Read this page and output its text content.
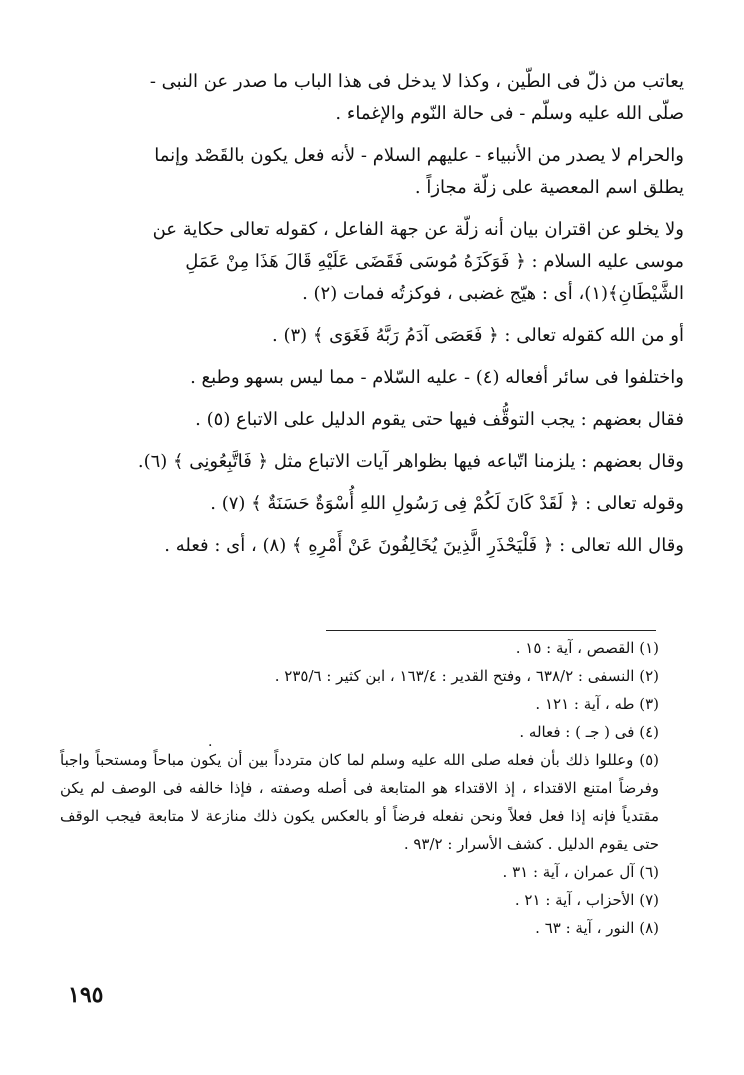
يعاتب من ذلّ فى الطّين ، وكذا لا يدخل فى هذا الباب ما صدر عن النبى -
صلّى الله عليه وسلّم - فى حالة النّوم والإغماء .

والحرام لا يصدر من الأنبياء - عليهم السلام - لأنه فعل يكون بالقَصْد وإنما
يطلق اسم المعصية على زلّة مجازاً .

ولا يخلو عن اقتران بيان أنه زلّة عن جهة الفاعل ، كقوله تعالى حكاية عن
موسى عليه السلام : ﴿ فَوَكَزَهُ مُوسَى فَقَضَى عَلَيْهِ قَالَ هَذَا مِنْ عَمَلِ
الشَّيْطَانِ﴾(١)، أى : هيّج غضبى ، فوكزتُه فمات (٢) .

أو من الله كقوله تعالى : ﴿ فَعَصَى آدَمُ رَبَّهُ فَغَوَى ﴾ (٣) .

واختلفوا فى سائر أفعاله (٤) - عليه السّلام - مما ليس بسهو وطبع .

فقال بعضهم : يجب التوقُّف فيها حتى يقوم الدليل على الاتباع (٥) .

وقال بعضهم : يلزمنا اتّباعه فيها بظواهر آيات الاتباع مثل ﴿ فَاتَّبِعُونِى ﴾ (٦).

وقوله تعالى : ﴿ لَقَدْ كَانَ لَكُمْ فِى رَسُولِ اللهِ أُسْوَةٌ حَسَنَةٌ ﴾ (٧) .

وقال الله تعالى : ﴿ فَلْيَحْذَرِ الَّذِينَ يُخَالِفُونَ عَنْ أَمْرِهِ ﴾ (٨) ، أى : فعله .

(١) القصص ، آية : ١٥ .
(٢) النسفى : ٦٣٨/٢ ، وفتح القدير : ١٦٣/٤ ، ابن كثير : ٢٣٥/٦ .
(٣) طه ، آية : ١٢١ .
(٤) فى ( جـ ) : فعاله .
(٥) وعللوا ذلك بأن فعله صلى الله عليه وسلم لما كان متردداً بين أن يكون مباحاً ومستحباً واجباً وفرضاً امتنع الاقتداء ، إذ الاقتداء هو المتابعة فى أصله وصفته ، فإذا خالفه فى الوصف لم يكن مقتدياً فإنه إذا فعل فعلاً ونحن نفعله فرضاً أو بالعكس يكون ذلك منازعة لا متابعة فيجب الوقف حتى يقوم الدليل . كشف الأسرار : ٩٣/٢ .
(٦) آل عمران ، آية : ٣١ .
(٧) الأحزاب ، آية : ٢١ .
(٨) النور ، آية : ٦٣ .
.
١٩٥
